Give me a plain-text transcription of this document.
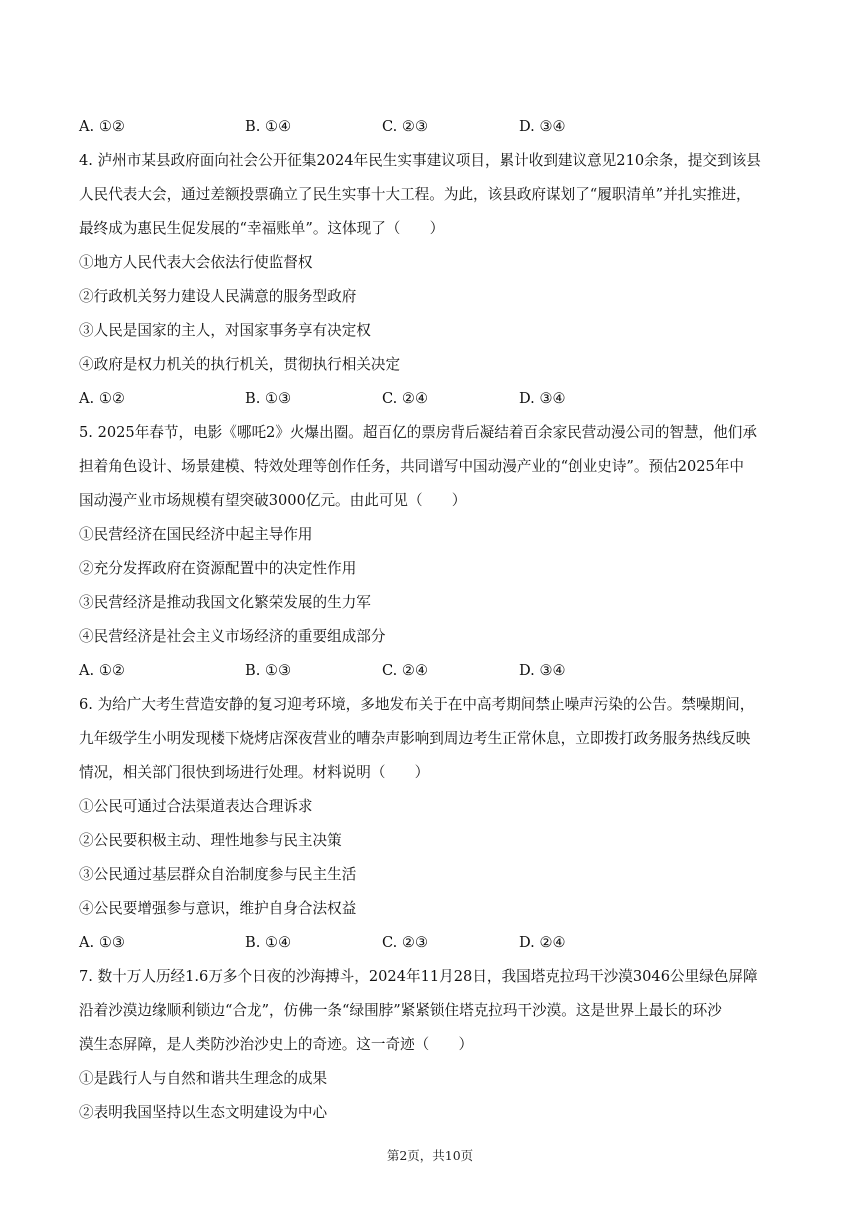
A. ①②	B. ①④	C. ②③	D. ③④
4. 泸州市某县政府面向社会公开征集2024年民生实事建议项目，累计收到建议意见210余条，提交到该县
人民代表大会，通过差额投票确立了民生实事十大工程。为此，该县政府谋划了“履职清单”并扎实推进，
最终成为惠民生促发展的“幸福账单”。这体现了（　　）
①地方人民代表大会依法行使监督权
②行政机关努力建设人民满意的服务型政府
③人民是国家的主人，对国家事务享有决定权
④政府是权力机关的执行机关，贯彻执行相关决定
A. ①②	B. ①③	C. ②④	D. ③④
5. 2025年春节，电影《哪吒2》火爆出圈。超百亿的票房背后凝结着百余家民营动漫公司的智慧，他们承
担着角色设计、场景建模、特效处理等创作任务，共同谱写中国动漫产业的“创业史诗”。预估2025年中
国动漫产业市场规模有望突破3000亿元。由此可见（　　）
①民营经济在国民经济中起主导作用
②充分发挥政府在资源配置中的决定性作用
③民营经济是推动我国文化繁荣发展的生力军
④民营经济是社会主义市场经济的重要组成部分
A. ①②	B. ①③	C. ②④	D. ③④
6. 为给广大考生营造安静的复习迎考环境，多地发布关于在中高考期间禁止噪声污染的公告。禁噪期间，
九年级学生小明发现楼下烧烤店深夜营业的嘈杂声影响到周边考生正常休息，立即拨打政务服务热线反映
情况，相关部门很快到场进行处理。材料说明（　　）
①公民可通过合法渠道表达合理诉求
②公民要积极主动、理性地参与民主决策
③公民通过基层群众自治制度参与民主生活
④公民要增强参与意识，维护自身合法权益
A. ①③	B. ①④	C. ②③	D. ②④
7. 数十万人历经1.6万多个日夜的沙海搏斗，2024年11月28日，我国塔克拉玛干沙漠3046公里绿色屏障
沿着沙漠边缘顺利锁边“合龙”，仿佛一条“绿围脖”紧紧锁住塔克拉玛干沙漠。这是世界上最长的环沙
漠生态屏障，是人类防沙治沙史上的奇迹。这一奇迹（　　）
①是践行人与自然和谐共生理念的成果
②表明我国坚持以生态文明建设为中心
第2页，共10页
